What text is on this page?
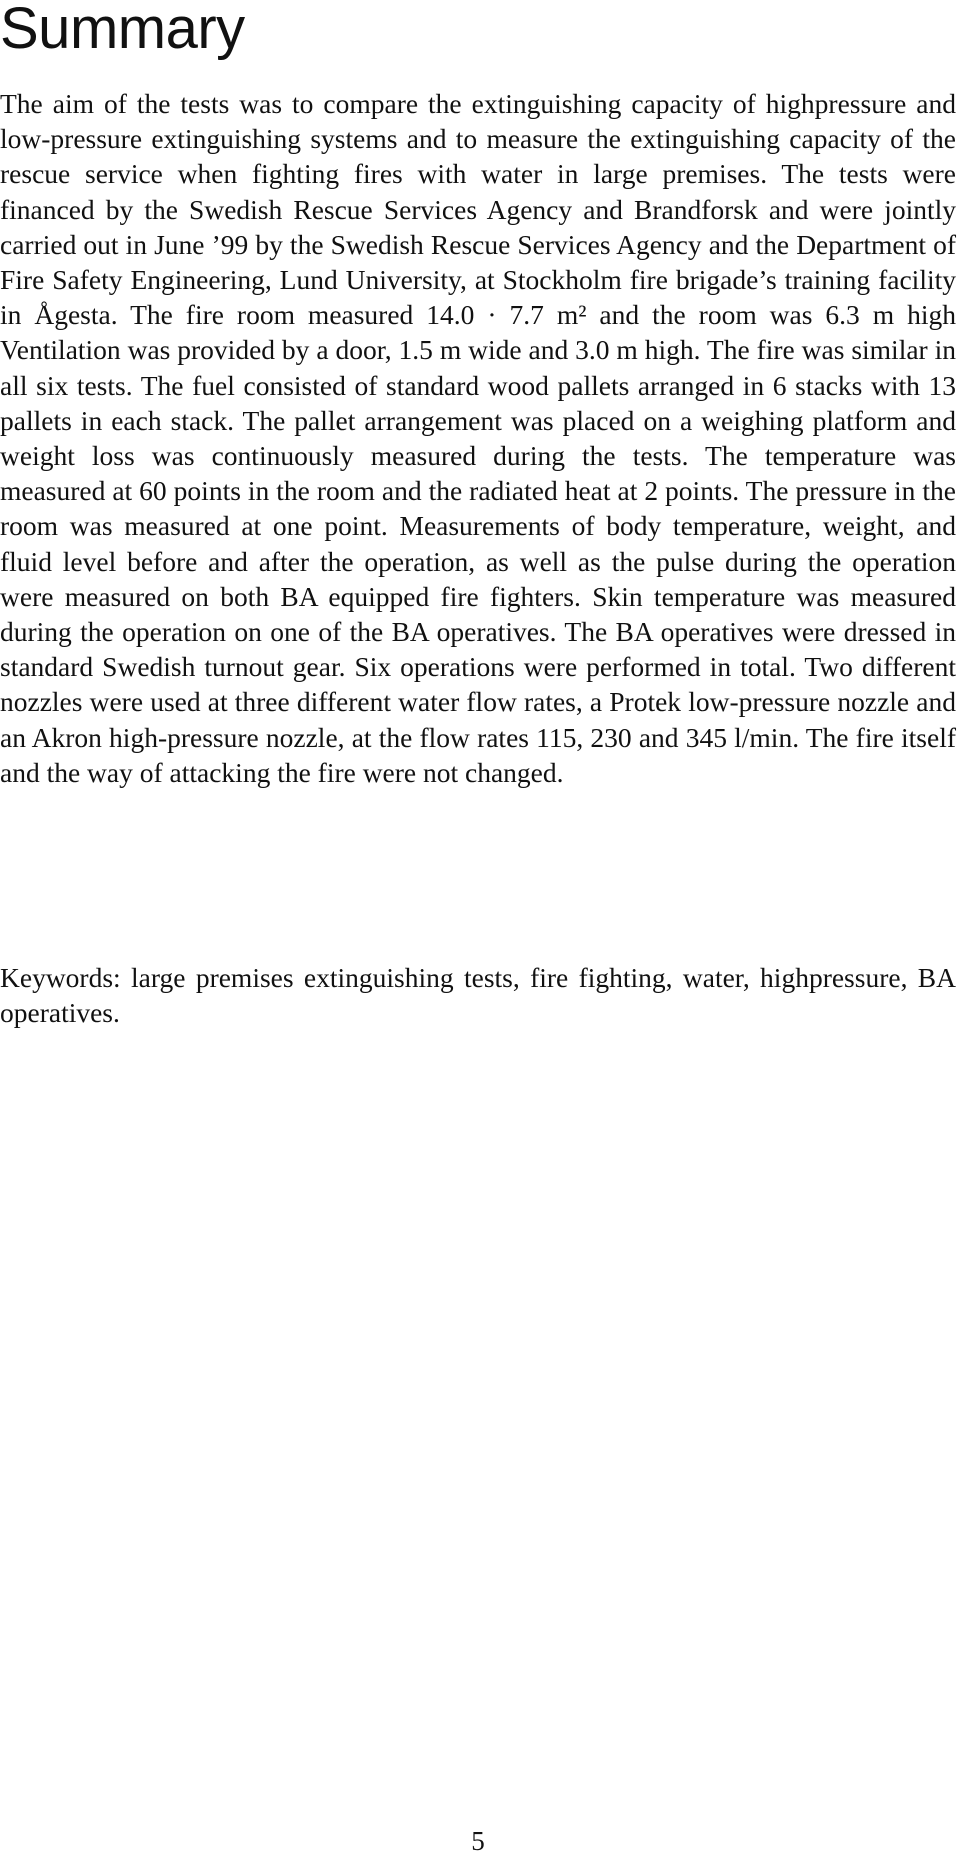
Summary

The aim of the tests was to compare the extinguishing capacity of highpressure and low‑pressure extinguishing systems and to measure the extinguishing capacity of the rescue service when fighting fires with water in large premises. The tests were financed by the Swedish Rescue Services Agency and Brandforsk and were jointly carried out in June ’99 by the Swedish Rescue Services Agency and the Department of Fire Safety Engineering, Lund University, at Stockholm fire brigade’s training facility in Ågesta. The fire room measured 14.0 · 7.7 m² and the room was 6.3 m high Ventilation was provided by a door, 1.5 m wide and 3.0 m high. The fire was similar in all six tests. The fuel consisted of standard wood pallets arranged in 6 stacks with 13 pallets in each stack. The pallet arrangement was placed on a weighing platform and weight loss was continuously measured during the tests. The temperature was measured at 60 points in the room and the radiated heat at 2 points. The pressure in the room was measured at one point. Measurements of body temperature, weight, and fluid level before and after the operation, as well as the pulse during the operation were measured on both BA equipped fire fighters. Skin temperature was measured during the operation on one of the BA operatives. The BA operatives were dressed in standard Swedish turnout gear. Six operations were performed in total. Two different nozzles were used at three different water flow rates, a Protek low‑pressure nozzle and an Akron high‑pressure nozzle, at the flow rates 115, 230 and 345 l/min. The fire itself and the way of attacking the fire were not changed.

Keywords: large premises extinguishing tests, fire fighting, water, highpressure, BA operatives.

5
